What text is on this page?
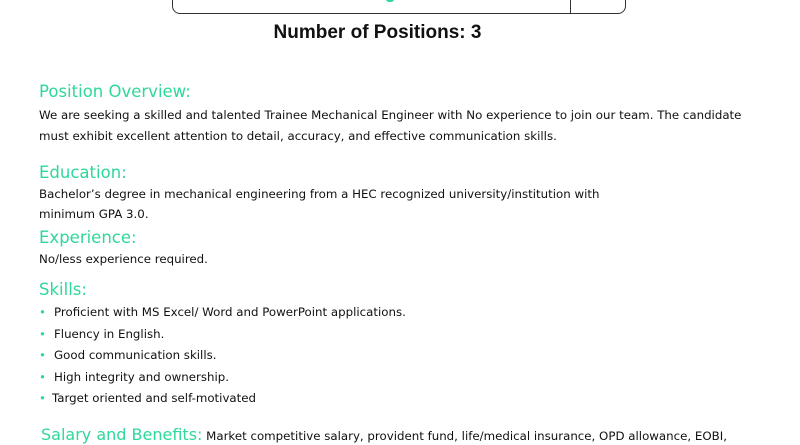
Number of Positions: 3
Position Overview:
We are seeking a skilled and talented Trainee Mechanical Engineer with No experience to join our team. The candidate
must exhibit excellent attention to detail, accuracy, and effective communication skills.
Education:
Bachelor’s degree in mechanical engineering from a HEC recognized university/institution with
minimum GPA 3.0.
Experience:
No/less experience required.
Skills:
• Proficient with MS Excel/ Word and PowerPoint applications.
• Fluency in English.
• Good communication skills.
• High integrity and ownership.
• Target oriented and self-motivated
Salary and Benefits: Market competitive salary, provident fund, life/medical insurance, OPD allowance, EOBI,
